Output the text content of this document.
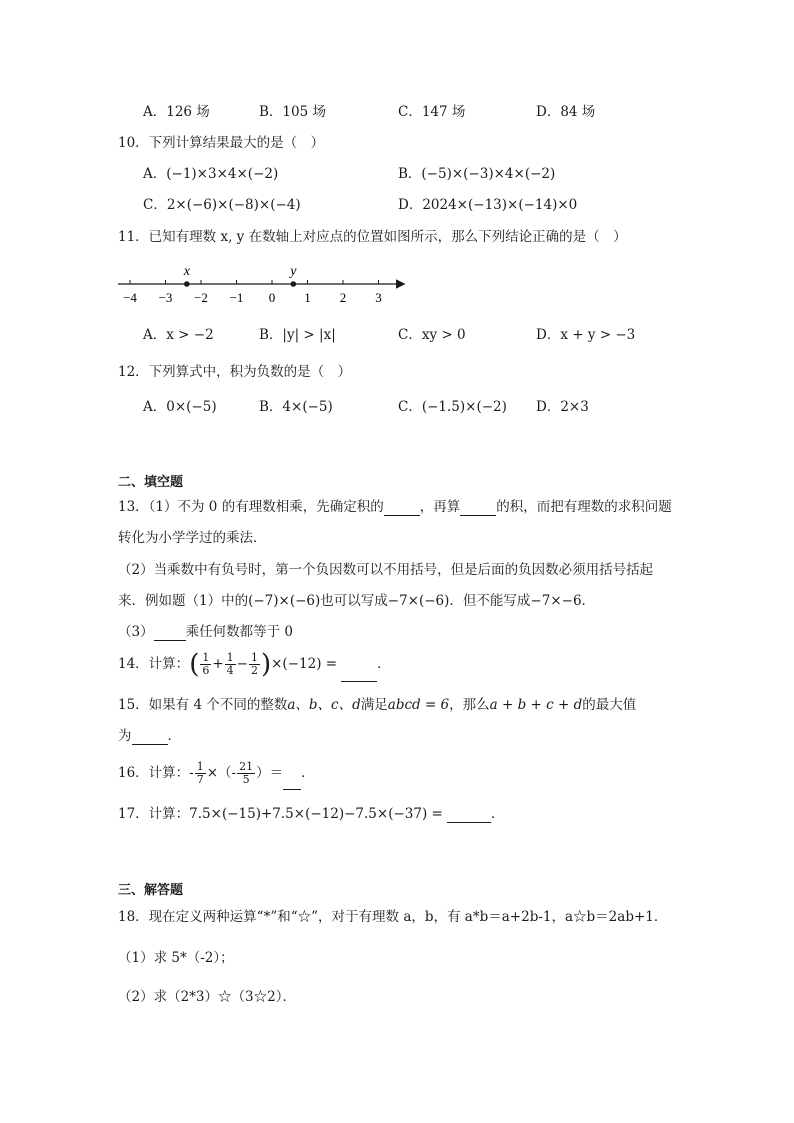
A．126 场	B．105 场	C．147 场	D．84 场
10．下列计算结果最大的是（　）
A．(−1)×3×4×(−2)	B．(−5)×(−3)×4×(−2)
C．2×(−6)×(−8)×(−4)	D．2024×(−13)×(−14)×0
11．已知有理数 x, y 在数轴上对应点的位置如图所示，那么下列结论正确的是（　）
−4 −3 −2 −1 0 1 2 3
x	y
A．x > −2	B．|y| > |x|	C．xy > 0	D．x + y > −3
12．下列算式中，积为负数的是（　）
A．0×(−5)	B．4×(−5)	C．(−1.5)×(−2) D．2×3
二、填空题
13．（1）不为 0 的有理数相乘，先确定积的	，再算	的积，而把有理数的求积问题
转化为小学学过的乘法．
（2）当乘数中有负号时，第一个负因数可以不用括号，但是后面的负因数必须用括号括起
来．例如题（1）中的(−7)×(−6)也可以写成−7×(−6)．但不能写成−7×−6．
（3） 乘任何数都等于 0
14．计算：( $\frac{1}{6} + \frac{1}{4} - \frac{1}{2} )\times(-12)$ =	．
15．如果有 4 个不同的整数a、b、c、d满足abcd = 6，那么a + b + c + d的最大值
为	．
16．计算：- $\frac{1}{7}$ ×（- $\frac{21}{5}$ ）＝ ．
17．计算：7.5×(−15)+7.5×(−12)−7.5×(−37) =	．
三、解答题
18．现在定义两种运算“*”和“☆”，对于有理数 a，b，有 a*b＝a+2b-1，a☆b＝2ab+1．
（1）求 5*（-2）；
（2）求（2*3）☆（3☆2）．
